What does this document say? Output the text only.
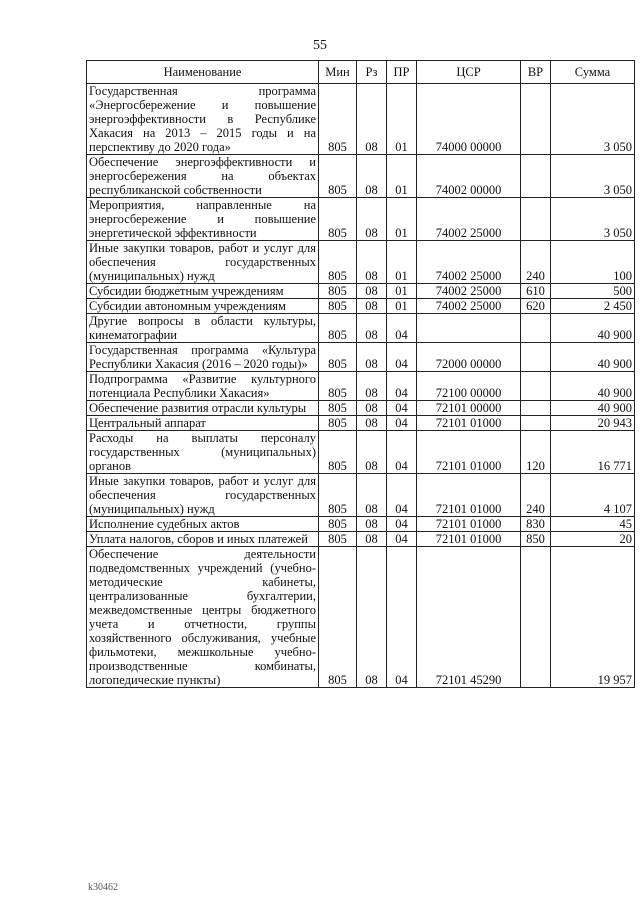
55
Наименование	Мин	Рз	ПР	ЦСР	ВР	Сумма
Государственная программа «Энергосбережение и повышение энергоэффективности в Республике Хакасия на 2013 – 2015 годы и на перспективу до 2020 года»	805	08	01	74000 00000		3 050
Обеспечение энергоэффективности и энергосбережения на объектах республиканской собственности	805	08	01	74002 00000		3 050
Мероприятия, направленные на энергосбережение и повышение энергетической эффективности	805	08	01	74002 25000		3 050
Иные закупки товаров, работ и услуг для обеспечения государственных (муниципальных) нужд	805	08	01	74002 25000	240	100
Субсидии бюджетным учреждениям	805	08	01	74002 25000	610	500
Субсидии автономным учреждениям	805	08	01	74002 25000	620	2 450
Другие вопросы в области культуры, кинематографии	805	08	04			40 900
Государственная программа «Культура Республики Хакасия (2016 – 2020 годы)»	805	08	04	72000 00000		40 900
Подпрограмма «Развитие культурного потенциала Республики Хакасия»	805	08	04	72100 00000		40 900
Обеспечение развития отрасли культуры	805	08	04	72101 00000		40 900
Центральный аппарат	805	08	04	72101 01000		20 943
Расходы на выплаты персоналу государственных (муниципальных) органов	805	08	04	72101 01000	120	16 771
Иные закупки товаров, работ и услуг для обеспечения государственных (муниципальных) нужд	805	08	04	72101 01000	240	4 107
Исполнение судебных актов	805	08	04	72101 01000	830	45
Уплата налогов, сборов и иных платежей	805	08	04	72101 01000	850	20
Обеспечение деятельности подведомственных учреждений (учебно-методические кабинеты, централизованные бухгалтерии, межведомственные центры бюджетного учета и отчетности, группы хозяйственного обслуживания, учебные фильмотеки, межшкольные учебно-производственные комбинаты, логопедические пункты)	805	08	04	72101 45290		19 957
k30462
